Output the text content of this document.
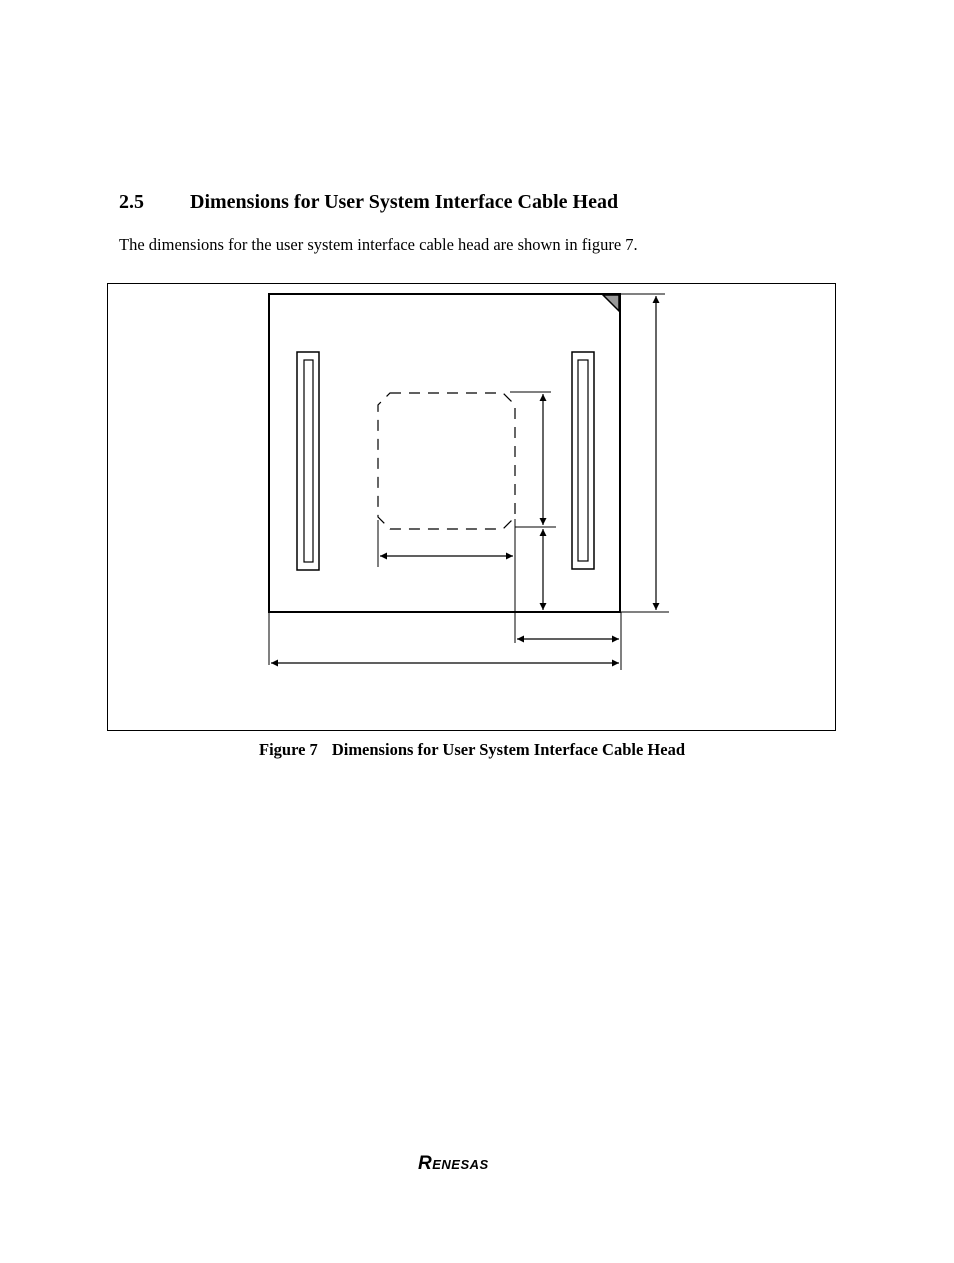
2.5 Dimensions for User System Interface Cable Head
The dimensions for the user system interface cable head are shown in figure 7.
Figure 7 Dimensions for User System Interface Cable Head
RENESAS
